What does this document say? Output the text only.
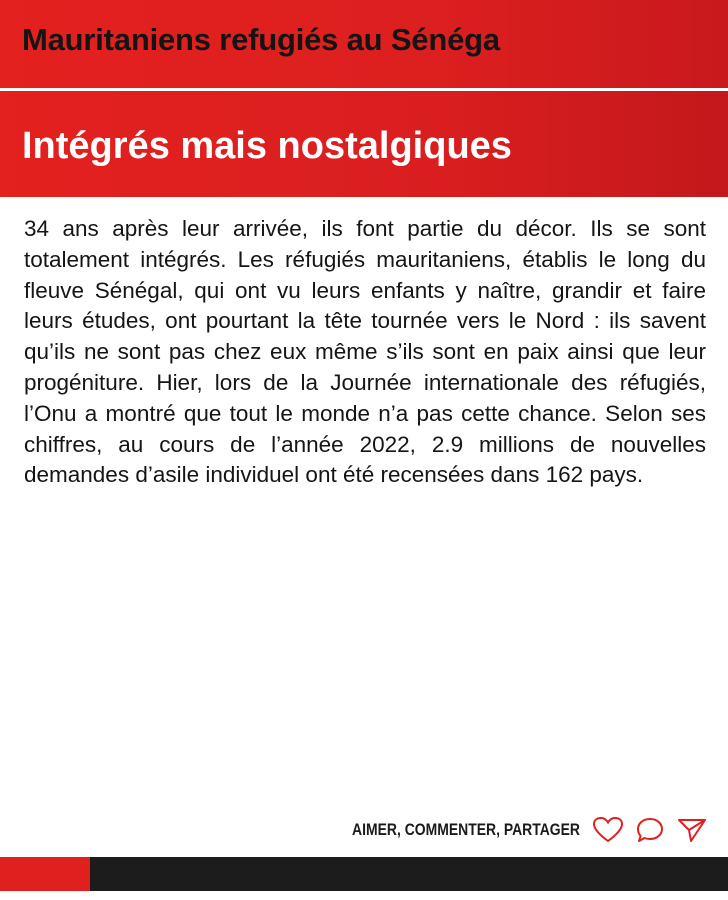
Mauritaniens refugiés au Sénéga
Intégrés mais nostalgiques

34 ans après leur arrivée, ils font partie du décor. Ils se sont totalement intégrés. Les réfugiés mauritaniens, établis le long du fleuve Sénégal, qui ont vu leurs enfants y naître, grandir et faire leurs études, ont pourtant la tête tournée vers le Nord : ils savent qu’ils ne sont pas chez eux même s’ils sont en paix ainsi que leur progéniture. Hier, lors de la Journée internationale des réfugiés, l’Onu a montré que tout le monde n’a pas cette chance. Selon ses chiffres, au cours de l’année 2022, 2.9 millions de nouvelles demandes d’asile individuel ont été recensées dans 162 pays.

AIMER, COMMENTER, PARTAGER
